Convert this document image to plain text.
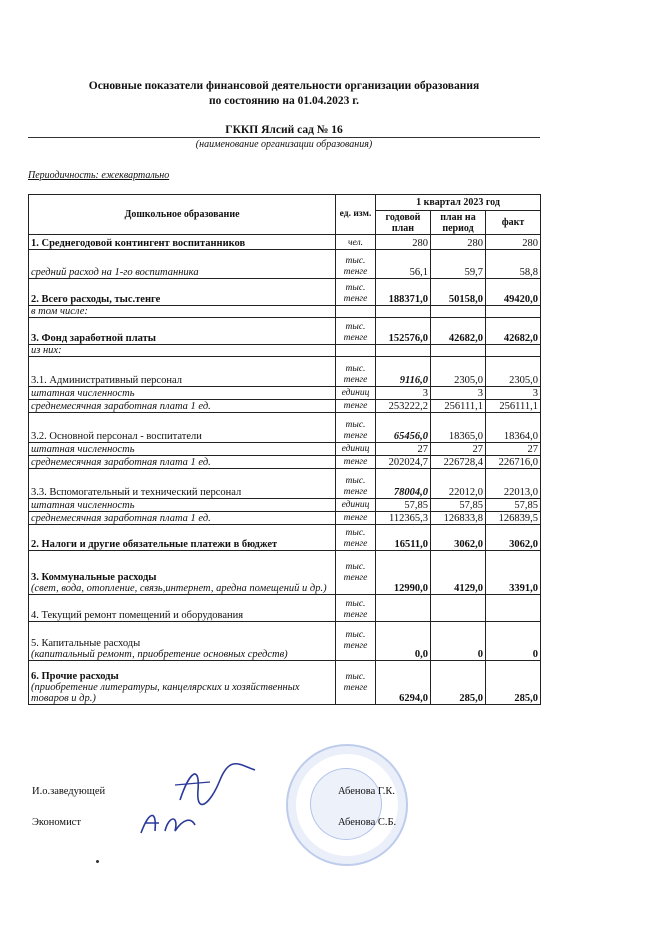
Основные показатели финансовой деятельности организации образования
по состоянию на 01.04.2023 г.
ГККП Ялсий сад № 16
(наименование организации образования)
Периодичность: ежеквартально
Дошкольное образование	ед. изм.	1 квартал 2023 год		
		годовой план	план на период	факт
1. Среднегодовой контингент воспитанников	чел.	280	280	280
средний расход на 1-го воспитанника	тыс. тенге	56,1	59,7	58,8
2. Всего расходы, тыс.тенге	тыс. тенге	188371,0	50158,0	49420,0
в том числе:				
3. Фонд заработной платы	тыс. тенге	152576,0	42682,0	42682,0
из них:				
3.1. Административный персонал	тыс. тенге	9116,0	2305,0	2305,0
штатная численность	единиц	3	3	3
среднемесячная заработная плата 1 ед.	тенге	253222,2	256111,1	256111,1
3.2. Основной персонал - воспитатели	тыс. тенге	65456,0	18365,0	18364,0
штатная численность	единиц	27	27	27
среднемесячная заработная плата 1 ед.	тенге	202024,7	226728,4	226716,0
3.3. Вспомогательный и технический персонал	тыс. тенге	78004,0	22012,0	22013,0
штатная численность	единиц	57,85	57,85	57,85
среднемесячная заработная плата 1 ед.	тенге	112365,3	126833,8	126839,5
2. Налоги и другие обязательные платежи в бюджет	тыс. тенге	16511,0	3062,0	3062,0

3. Коммунальные расходы
(свет, вода, отопление, связь,интернет, аредна помещений и др.)	тыс. тенге	12990,0	4129,0	3391,0
4. Текущий ремонт помещений и оборудования	тыс. тенге			

5. Капитальные расходы
(капитальный ремонт, приобретение основных средств)	тыс. тенге	0,0	0	0

6. Прочие расходы
(приобретение литературы, канцелярских и хозяйственных товаров и др.)	тыс. тенге	6294,0	285,0	285,0
И.о.заведующей	Абенова Г.К.
Экономист	Абенова С.Б.
